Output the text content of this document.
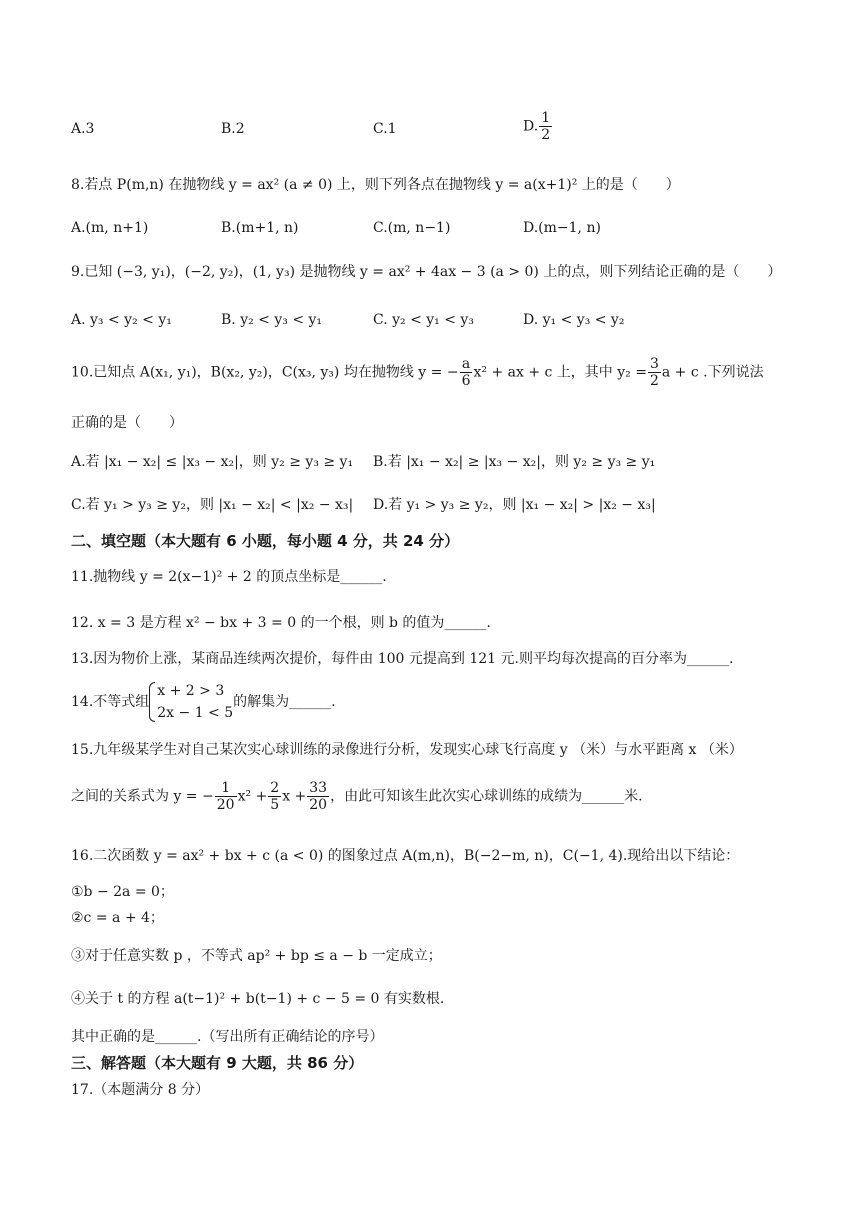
A.3	B.2	C.1	D. $\frac{1}{2}$
8.若点 P(m,n) 在抛物线 y = ax² (a ≠ 0) 上，则下列各点在抛物线 y = a(x+1)² 上的是（　　）
A.(m, n+1)	B.(m+1, n)	C.(m, n−1)	D.(m−1, n)
9.已知 (−3, y₁)，(−2, y₂)，(1, y₃) 是抛物线 y = ax² + 4ax − 3 (a > 0) 上的点，则下列结论正确的是（　　）
A. y₃ < y₂ < y₁	B. y₂ < y₃ < y₁	C. y₂ < y₁ < y₃	D. y₁ < y₃ < y₂
10.已知点 A(x₁, y₁)，B(x₂, y₂)，C(x₃, y₃) 均在抛物线 y = − $\frac{a}{6} x^2$ + ax + c 上，其中 $y_2 = \frac{3}{2}$ a + c .下列说法
正确的是（　　）
A.若 |x₁ − x₂| ≤ |x₃ − x₂|，则 y₂ ≥ y₃ ≥ y₁ B.若 |x₁ − x₂| ≥ |x₃ − x₂|，则 y₂ ≥ y₃ ≥ y₁
C.若 y₁ > y₃ ≥ y₂，则 |x₁ − x₂| < |x₂ − x₃| D.若 y₁ > y₃ ≥ y₂，则 |x₁ − x₂| > |x₂ − x₃|
二、填空题（本大题有 6 小题，每小题 4 分，共 24 分）
11.抛物线 y = 2(x−1)² + 2 的顶点坐标是______.
12. x = 3 是方程 x² − bx + 3 = 0 的一个根，则 b 的值为______.
13.因为物价上涨，某商品连续两次提价，每件由 100 元提高到 121 元.则平均每次提高的百分率为______.
14.不等式组
x + 2 > 3
2x − 1 < 5
的解集为______.
15.九年级某学生对自己某次实心球训练的录像进行分析，发现实心球飞行高度 y （米）与水平距离 x （米）
之间的关系式为 y = − $\frac{1}{20} x^2 + \frac{2}{5}$ $x + \frac{33}{20}$ ，由此可知该生此次实心球训练的成绩为______米.
16.二次函数 y = ax² + bx + c (a < 0) 的图象过点 A(m,n)，B(−2−m, n)，C(−1, 4).现给出以下结论：
①b − 2a = 0；
②c = a + 4；
③对于任意实数 p ，不等式 ap² + bp ≤ a − b 一定成立；
④关于 t 的方程 a(t−1)² + b(t−1) + c − 5 = 0 有实数根.
其中正确的是______.（写出所有正确结论的序号）
三、解答题（本大题有 9 大题，共 86 分）
17.（本题满分 8 分）
